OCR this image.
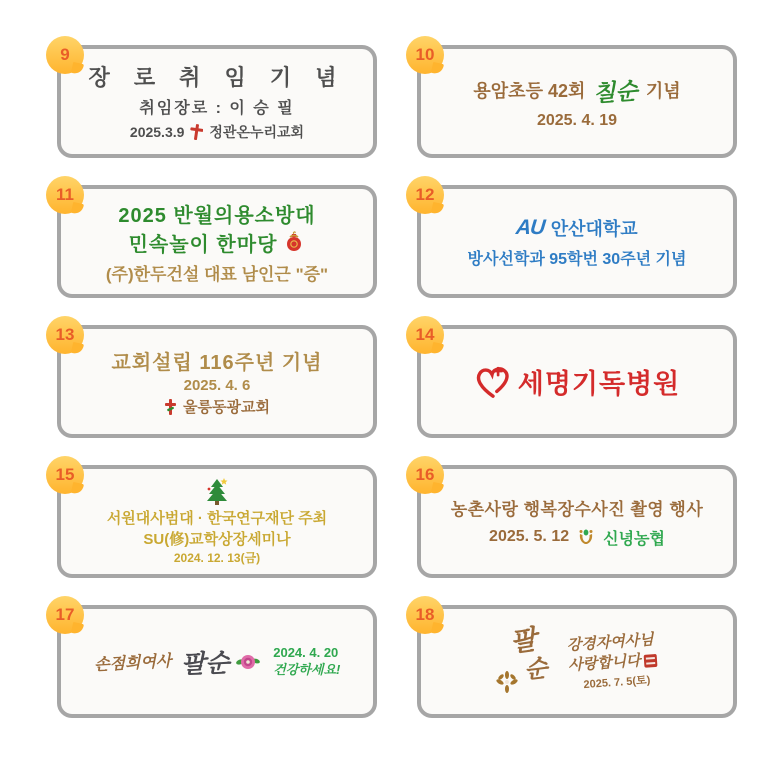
9
장 로 취 임 기 념
취임장로 : 이 승 필
2025.3.9 정관온누리교회
10
용암초등 42회 칠순 기념
2025. 4. 19
11
2025 반월의용소방대
민속놀이 한마당
(주)한두건설 대표 남인근 "증"
12
AU 안산대학교
방사선학과 95학번 30주년 기념
13
교회설립 116주년 기념
2025. 4. 6
울릉동광교회
14
세명기독병원
15
서원대사범대 · 한국연구재단 주최
SU(修)교학상장세미나
2024. 12. 13(금)
16
농촌사랑 행복장수사진 촬영 행사
2025. 5. 12 신녕농협
17
손점희여사 팔순	2024. 4. 20
건강하세요!
18
팔
순
강경자여사님
사랑합니다
2025. 7. 5(토)
